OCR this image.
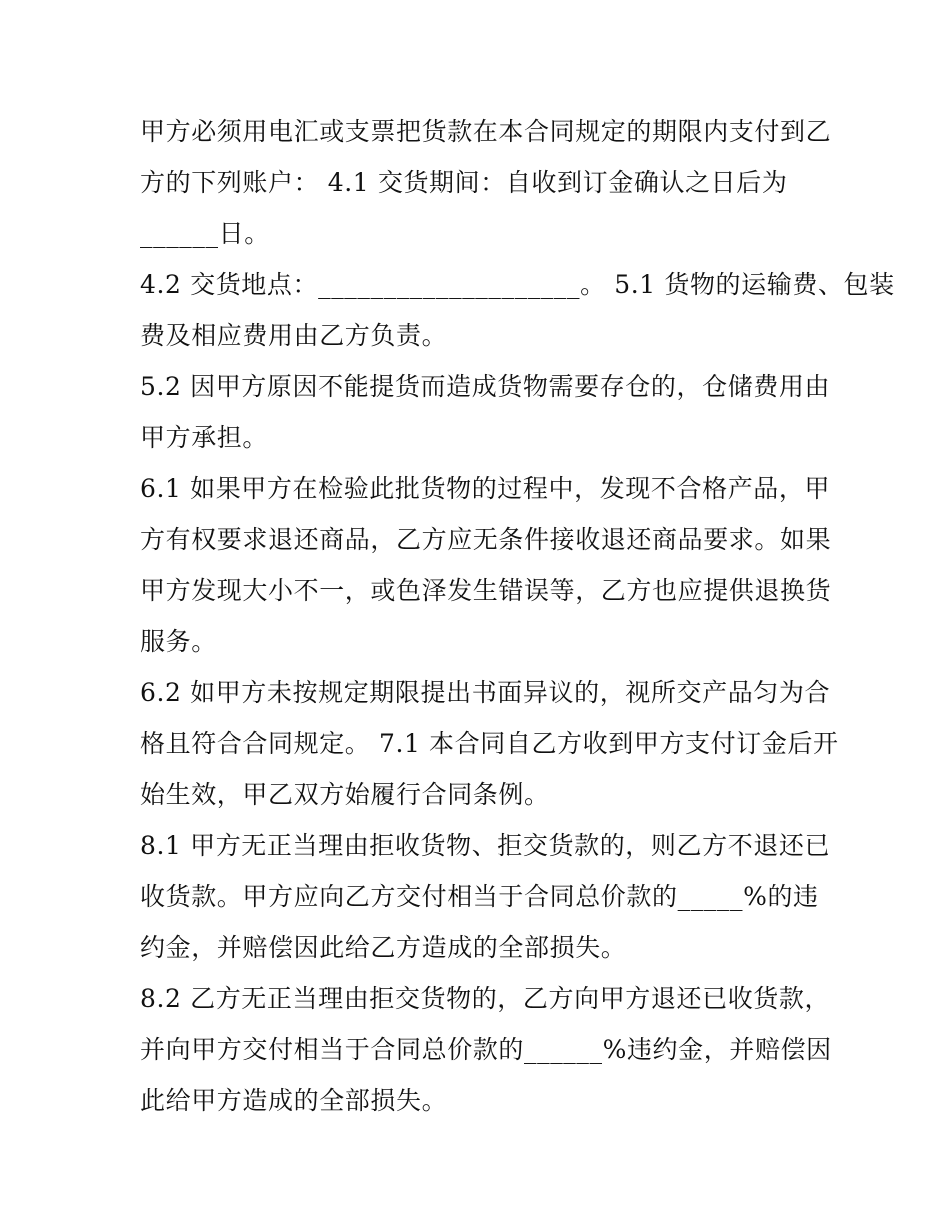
甲方必须用电汇或支票把货款在本合同规定的期限内支付到乙
方的下列账户： 4.1 交货期间：自收到订金确认之日后为
______日。
4.2 交货地点：____________________。 5.1 货物的运输费、包装
费及相应费用由乙方负责。
5.2 因甲方原因不能提货而造成货物需要存仓的，仓储费用由
甲方承担。
6.1 如果甲方在检验此批货物的过程中，发现不合格产品，甲
方有权要求退还商品，乙方应无条件接收退还商品要求。如果
甲方发现大小不一，或色泽发生错误等，乙方也应提供退换货
服务。
6.2 如甲方未按规定期限提出书面异议的，视所交产品匀为合
格且符合合同规定。 7.1 本合同自乙方收到甲方支付订金后开
始生效，甲乙双方始履行合同条例。
8.1 甲方无正当理由拒收货物、拒交货款的，则乙方不退还已
收货款。甲方应向乙方交付相当于合同总价款的_____%的违
约金，并赔偿因此给乙方造成的全部损失。
8.2 乙方无正当理由拒交货物的，乙方向甲方退还已收货款，
并向甲方交付相当于合同总价款的______%违约金，并赔偿因
此给甲方造成的全部损失。
